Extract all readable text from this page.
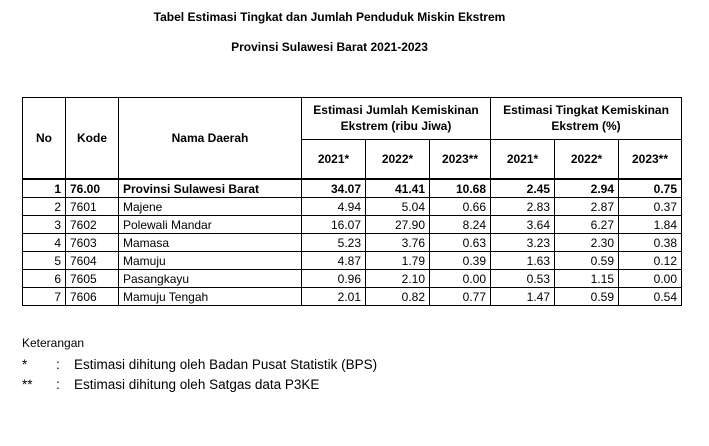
Tabel Estimasi Tingkat dan Jumlah Penduduk Miskin Ekstrem
Provinsi Sulawesi Barat 2021-2023
No	Kode	Nama Daerah	Estimasi Jumlah Kemiskinan Ekstrem (ribu Jiwa)			Estimasi Tingkat Kemiskinan Ekstrem (%)		
			2021*	2022*	2023**	2021*	2022*	2023**
1	76.00	Provinsi Sulawesi Barat	34.07	41.41	10.68	2.45	2.94	0.75
2	7601	Majene	4.94	5.04	0.66	2.83	2.87	0.37
3	7602	Polewali Mandar	16.07	27.90	8.24	3.64	6.27	1.84
4	7603	Mamasa	5.23	3.76	0.63	3.23	2.30	0.38
5	7604	Mamuju	4.87	1.79	0.39	1.63	0.59	0.12
6	7605	Pasangkayu	0.96	2.10	0.00	0.53	1.15	0.00
7	7606	Mamuju Tengah	2.01	0.82	0.77	1.47	0.59	0.54
Keterangan
*	:	Estimasi dihitung oleh Badan Pusat Statistik (BPS)
**	:	Estimasi dihitung oleh Satgas data P3KE
